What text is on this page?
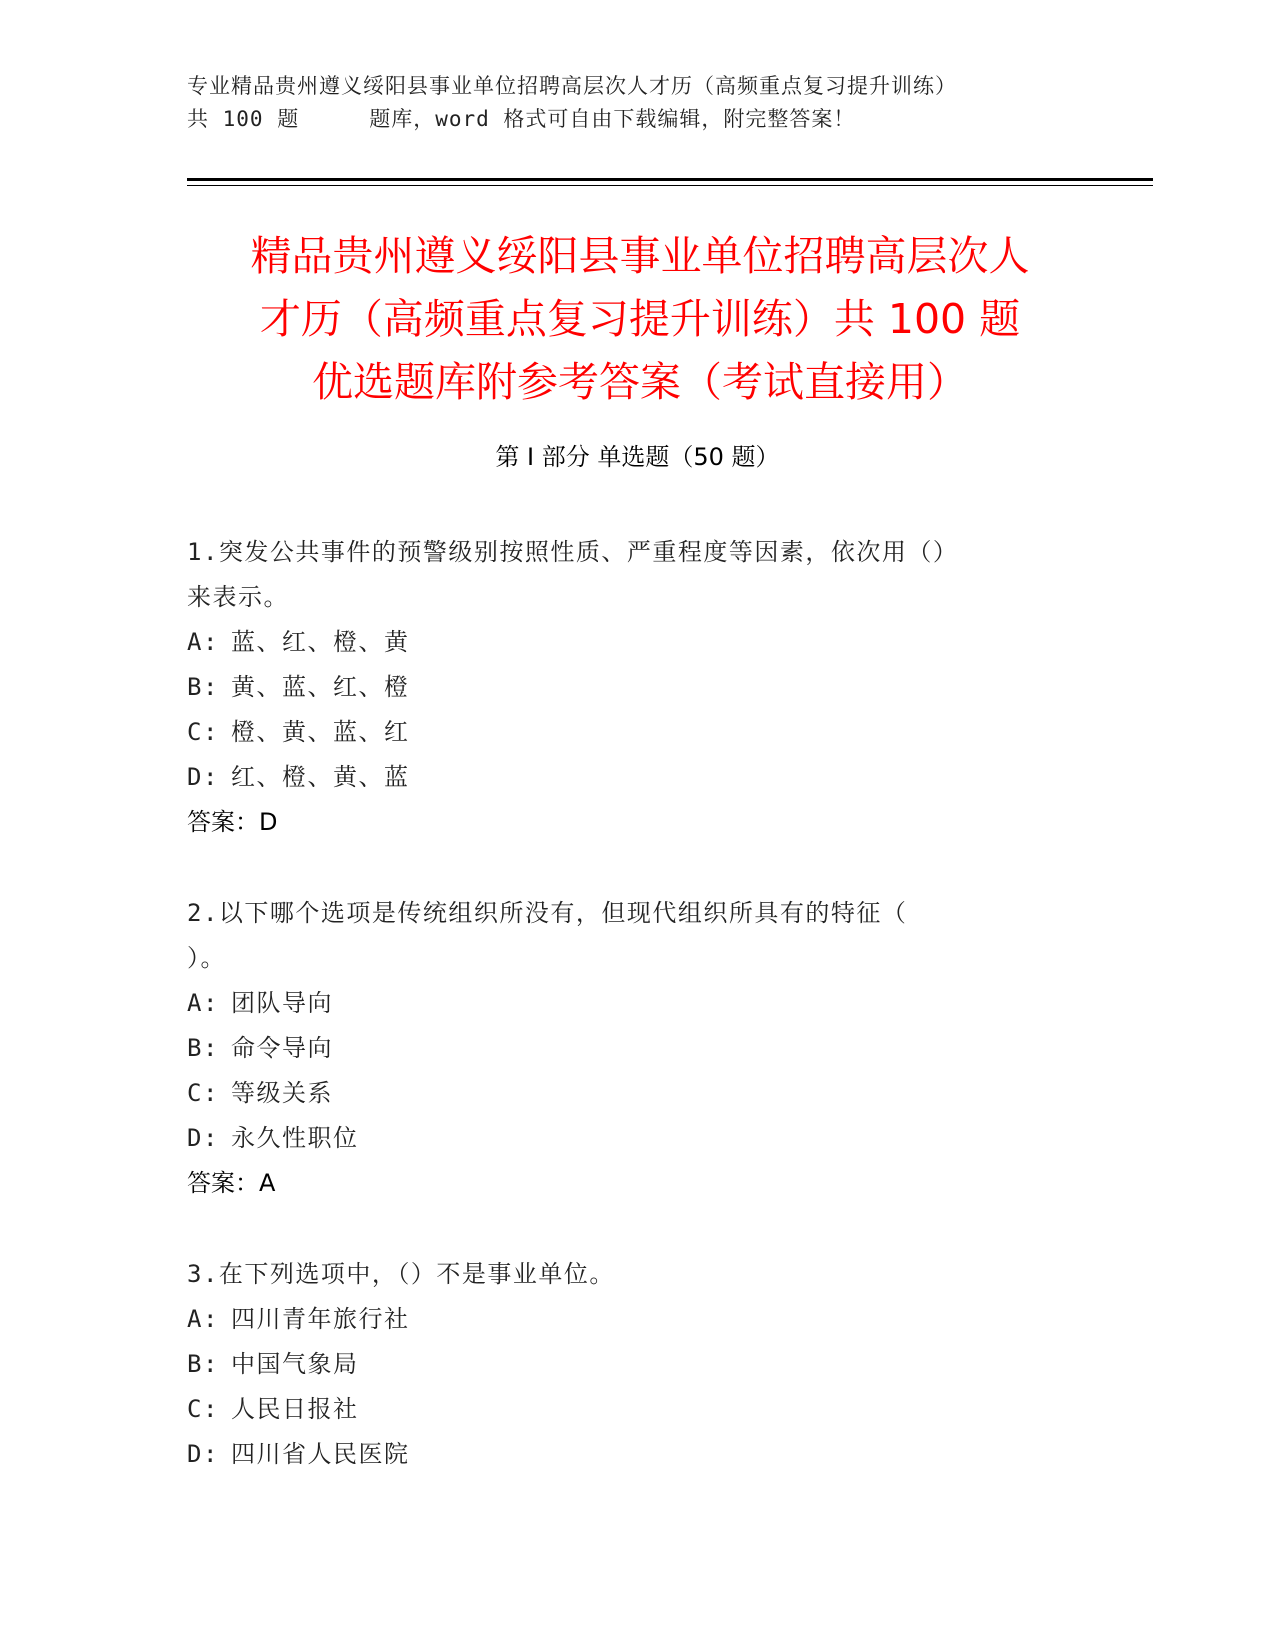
专业精品贵州遵义绥阳县事业单位招聘高层次人才历（高频重点复习提升训练）
共 100 题	题库，word 格式可自由下载编辑，附完整答案！
精品贵州遵义绥阳县事业单位招聘高层次人
才历（高频重点复习提升训练）共 100 题
优选题库附参考答案（考试直接用）
第 I 部分 单选题（50 题）
1.突发公共事件的预警级别按照性质、严重程度等因素，依次用（）
来表示。
A: 蓝、红、橙、黄
B: 黄、蓝、红、橙
C: 橙、黄、蓝、红
D: 红、橙、黄、蓝
答案：D
2.以下哪个选项是传统组织所没有，但现代组织所具有的特征（
）。
A: 团队导向
B: 命令导向
C: 等级关系
D: 永久性职位
答案：A
3.在下列选项中，（）不是事业单位。
A: 四川青年旅行社
B: 中国气象局
C: 人民日报社
D: 四川省人民医院
